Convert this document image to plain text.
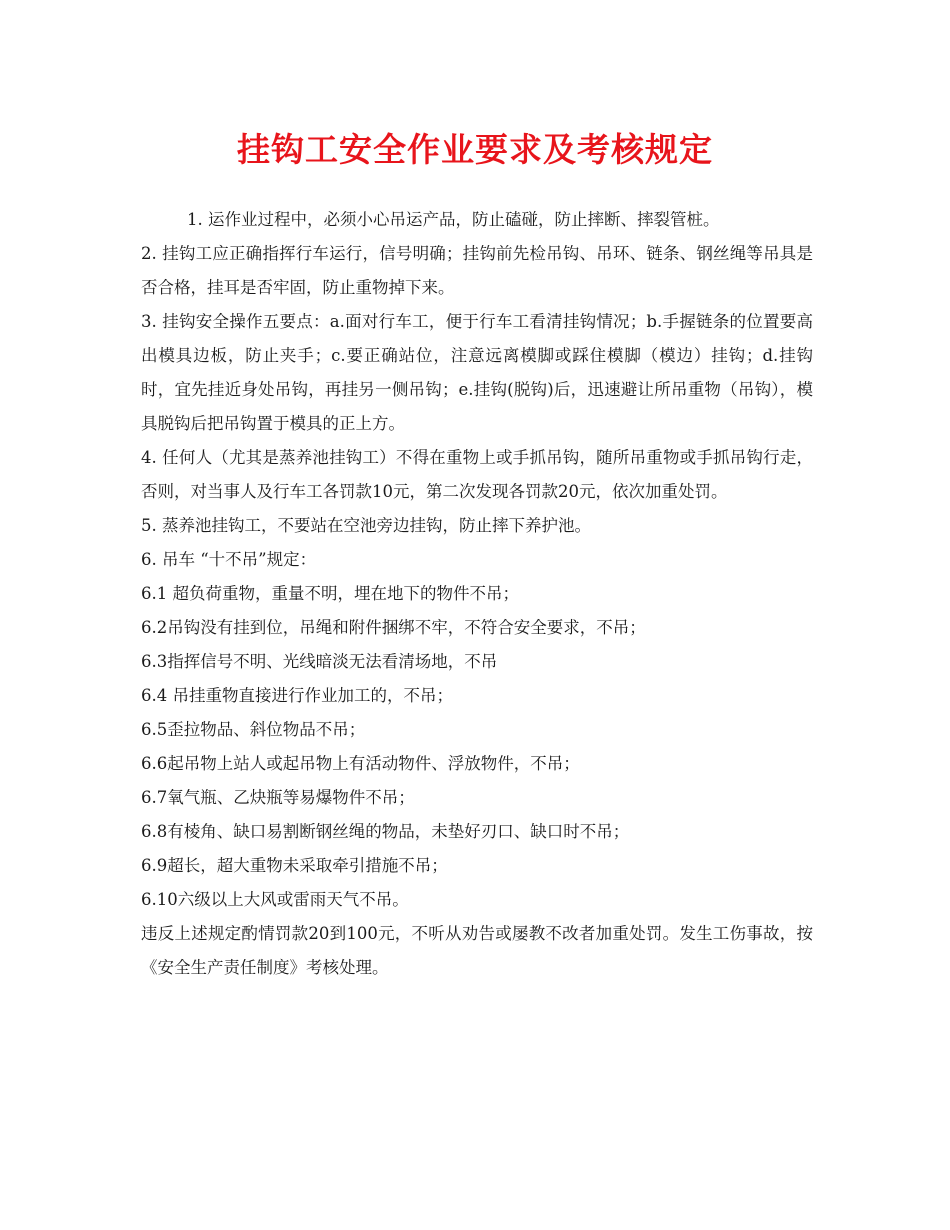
挂钩工安全作业要求及考核规定

1. 运作业过程中，必须小心吊运产品，防止磕碰，防止摔断、摔裂管桩。

2. 挂钩工应正确指挥行车运行，信号明确；挂钩前先检吊钩、吊环、链条、钢丝绳等吊具是否合格，挂耳是否牢固，防止重物掉下来。

3. 挂钩安全操作五要点：a.面对行车工，便于行车工看清挂钩情况；b.手握链条的位置要高出模具边板，防止夹手；c.要正确站位，注意远离模脚或踩住模脚（模边）挂钩；d.挂钩时，宜先挂近身处吊钩，再挂另一侧吊钩；e.挂钩(脱钩)后，迅速避让所吊重物（吊钩），模具脱钩后把吊钩置于模具的正上方。

4. 任何人（尤其是蒸养池挂钩工）不得在重物上或手抓吊钩，随所吊重物或手抓吊钩行走，否则，对当事人及行车工各罚款10元，第二次发现各罚款20元，依次加重处罚。

5. 蒸养池挂钩工，不要站在空池旁边挂钩，防止摔下养护池。

6. 吊车 “十不吊”规定：

6.1 超负荷重物，重量不明，埋在地下的物件不吊；

6.2吊钩没有挂到位，吊绳和附件捆绑不牢，不符合安全要求，不吊；

6.3指挥信号不明、光线暗淡无法看清场地，不吊

6.4 吊挂重物直接进行作业加工的，不吊；

6.5歪拉物品、斜位物品不吊；

6.6起吊物上站人或起吊物上有活动物件、浮放物件，不吊；

6.7氧气瓶、乙炔瓶等易爆物件不吊；

6.8有棱角、缺口易割断钢丝绳的物品，未垫好刃口、缺口时不吊；

6.9超长，超大重物未采取牵引措施不吊；

6.10六级以上大风或雷雨天气不吊。

违反上述规定酌情罚款20到100元，不听从劝告或屡教不改者加重处罚。发生工伤事故，按《安全生产责任制度》考核处理。
